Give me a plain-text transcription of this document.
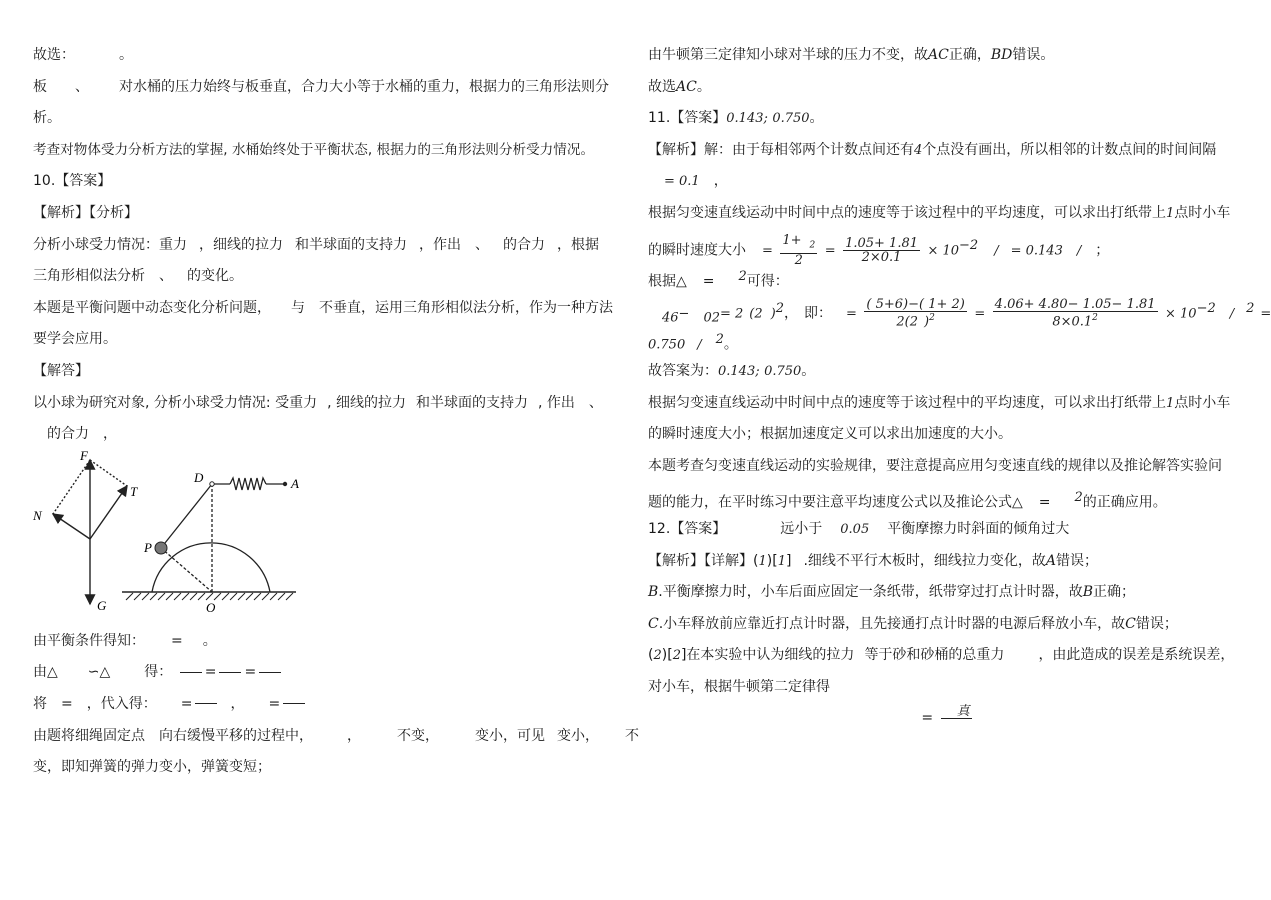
故选：	。
板 、 对水桶的压力始终与板垂直，合力大小等于水桶的重力，根据力的三角形法则分
析。
考查对物体受力分析方法的掌握, 水桶始终处于平衡状态, 根据力的三角形法则分析受力情况。
10.【答案】
【解析】【分析】
分析小球受力情况：重力 ，细线的拉力 和半球面的支持力 ，作出 、 的合力 ，根据
三角形相似法分析 、 的变化。
本题是平衡问题中动态变化分析问题， 与 不垂直，运用三角形相似法分析，作为一种方法
要学会应用。
【解答】
以小球为研究对象, 分析小球受力情况: 受重力 , 细线的拉力 和半球面的支持力 , 作出 、
的合力 ，
由平衡条件得知： = 。
由△ ∽△ 得： = =
将 = ，代入得： =	， =
由题将细绳固定点 向右缓慢平移的过程中， ，	不变，	变小，可见 变小， 不
变，即知弹簧的弹力变小，弹簧变短；
F
T
N
G
D	A
P
O
由牛顿第三定律知小球对半球的压力不变，故AC正确，BD错误。
故选AC。
11.【答案】0.143; 0.750。
【解析】解：由于每相邻两个计数点间还有4个点没有画出，所以相邻的计数点间的时间间隔
= 0.1 ，
根据匀变速直线运动中时间中点的速度等于该过程中的平均速度，可以求出打纸带上1点时小车
的瞬时速度大小 = $\frac{1+ _2}{2} = \frac{1.05+ 1.81}{2\times 0.1} \times 10^{-2}$ / = 0.143 / ；
根据△ = $^2$可得：
$_{46}$− $_{02}$= 2 (2 )$^2$， 即： = $\frac{( 5+6)-( 1+ 2)}{2(2 )^2} = \frac{4.06+ 4.80- 1.05- 1.81}{8\times 0.1^2} \times 10^{-2} / ^2$ =
0.750 / $^2$。
故答案为：0.143; 0.750。
根据匀变速直线运动中时间中点的速度等于该过程中的平均速度，可以求出打纸带上1点时小车
的瞬时速度大小；根据加速度定义可以求出加速度的大小。
本题考查匀变速直线运动的实验规律，要注意提高应用匀变速直线的规律以及推论解答实验问
题的能力，在平时练习中要注意平均速度公式以及推论公式△ = $^2$的正确应用。
12.【答案】	远小于 0.05 平衡摩擦力时斜面的倾角过大
【解析】【详解】(1)[1] .细线不平行木板时，细线拉力变化，故A错误；
B.平衡摩擦力时，小车后面应固定一条纸带，纸带穿过打点计时器，故B正确；
C.小车释放前应靠近打点计时器，且先接通打点计时器的电源后释放小车，故C错误；
(2)[2]在本实验中认为细线的拉力 等于砂和砂桶的总重力 ，由此造成的误差是系统误差，
对小车，根据牛顿第二定律得
=	真
